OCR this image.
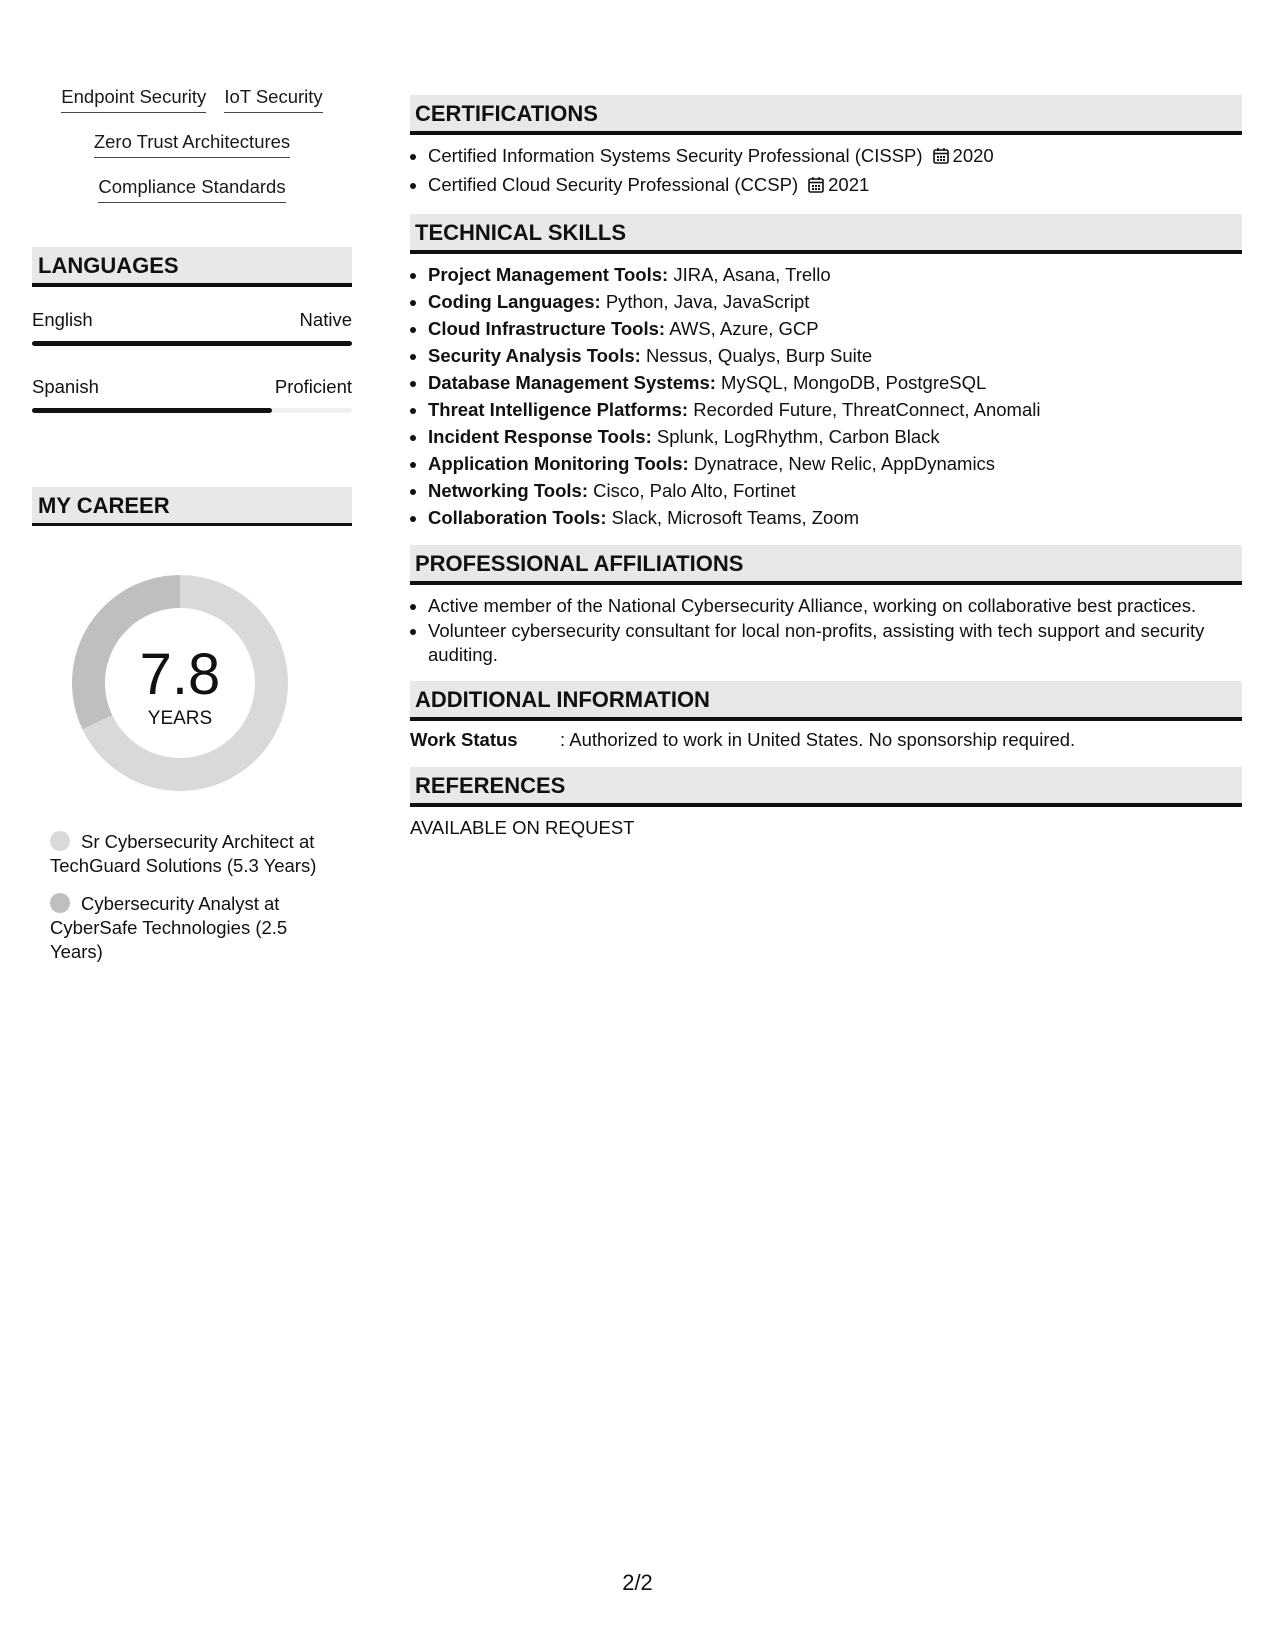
Endpoint Security IoT Security
Zero Trust Architectures
Compliance Standards
LANGUAGES
English	Native
Spanish	Proficient
MY CAREER
7.8
YEARS
Sr Cybersecurity Architect at TechGuard Solutions (5.3 Years)
Cybersecurity Analyst at CyberSafe Technologies (2.5 Years)
CERTIFICATIONS
• Certified Information Systems Security Professional (CISSP) 2020
• Certified Cloud Security Professional (CCSP) 2021
TECHNICAL SKILLS
• Project Management Tools: JIRA, Asana, Trello
• Coding Languages: Python, Java, JavaScript
• Cloud Infrastructure Tools: AWS, Azure, GCP
• Security Analysis Tools: Nessus, Qualys, Burp Suite
• Database Management Systems: MySQL, MongoDB, PostgreSQL
• Threat Intelligence Platforms: Recorded Future, ThreatConnect, Anomali
• Incident Response Tools: Splunk, LogRhythm, Carbon Black
• Application Monitoring Tools: Dynatrace, New Relic, AppDynamics
• Networking Tools: Cisco, Palo Alto, Fortinet
• Collaboration Tools: Slack, Microsoft Teams, Zoom
PROFESSIONAL AFFILIATIONS
• Active member of the National Cybersecurity Alliance, working on collaborative best practices.
• Volunteer cybersecurity consultant for local non-profits, assisting with tech support and security auditing.
ADDITIONAL INFORMATION
Work Status	: Authorized to work in United States. No sponsorship required.
REFERENCES
AVAILABLE ON REQUEST
2/2
